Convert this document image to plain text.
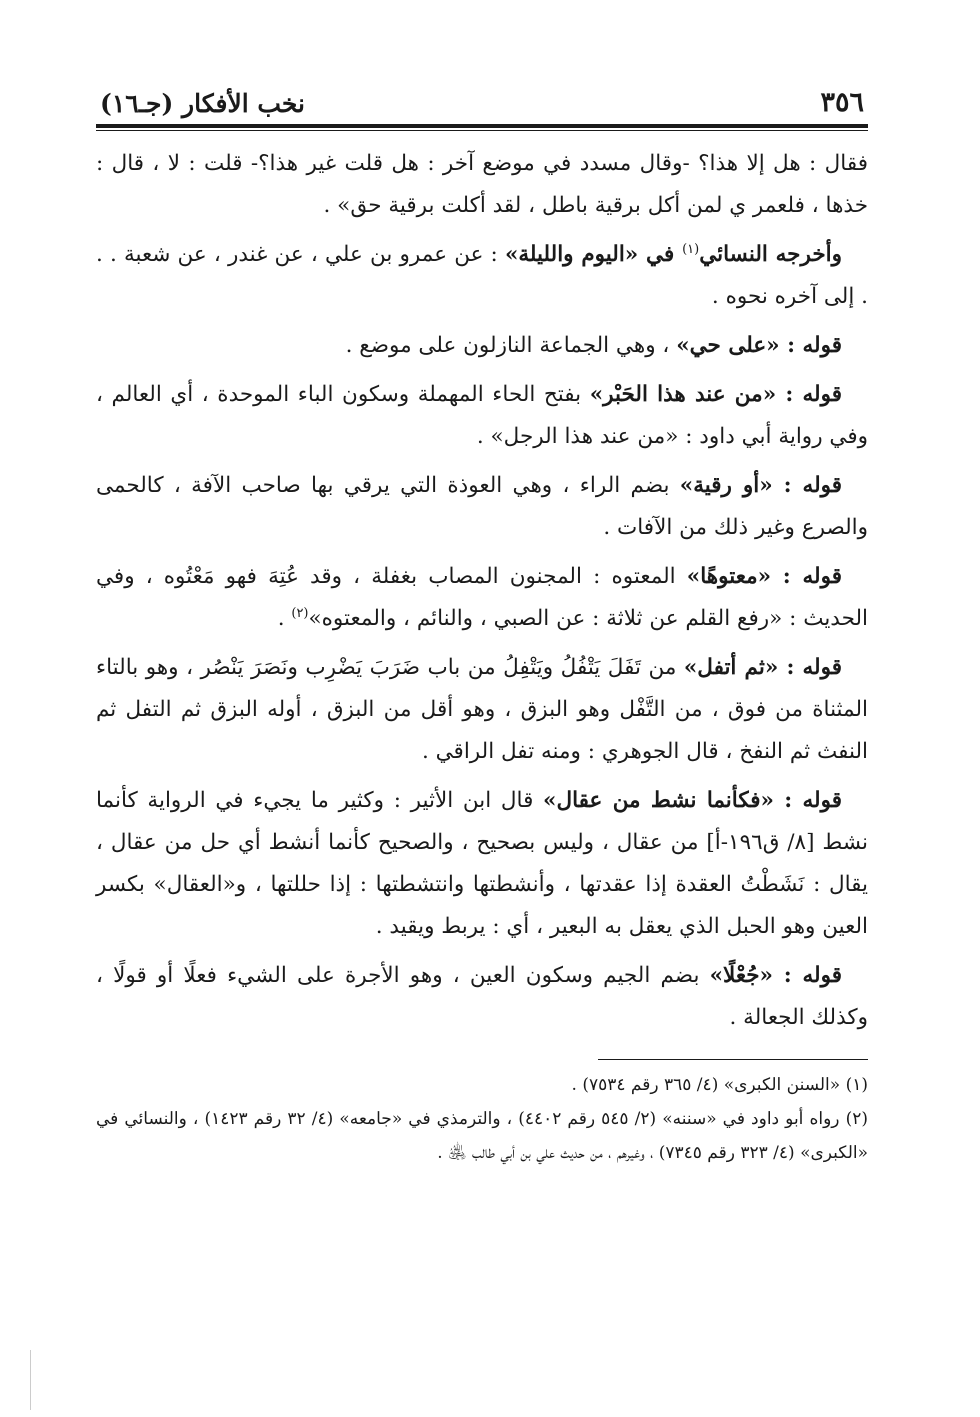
٣٥٦
نخب الأفكار (جـ١٦)

فقال : هل إلا هذا؟ -وقال مسدد في موضع آخر : هل قلت غير هذا؟- قلت : لا ، قال : خذها ، فلعمر ي لمن أكل برقية باطل ، لقد أكلت برقية حق» .

وأخرجه النسائي$^{(١)}$ في «اليوم والليلة» : عن عمرو بن علي ، عن غندر ، عن شعبة . . . إلى آخره نحوه .

قوله : «على حي» ، وهي الجماعة النازلون على موضع .

قوله : «من عند هذا الحَبْر» بفتح الحاء المهملة وسكون الباء الموحدة ، أي العالم ، وفي رواية أبي داود : «من عند هذا الرجل» .

قوله : «أو رقية» بضم الراء ، وهي العوذة التي يرقي بها صاحب الآفة ، كالحمى والصرع وغير ذلك من الآفات .

قوله : «معتوهًا» المعتوه : المجنون المصاب بغفلة ، وقد عُتِهَ فهو مَعْتُوه ، وفي الحديث : «رفع القلم عن ثلاثة : عن الصبي ، والنائم ، والمعتوه»$^{(٢)}$ .

قوله : «ثم أتفل» من تَفَلَ يَتْفُلُ ويَتْفِلُ من باب ضَرَبَ يَضْرِب ونَصَرَ يَنْصُر ، وهو بالتاء المثناة من فوق ، من التَّفْل وهو البزق ، وهو أقل من البزق ، أوله البزق ثم التفل ثم النفث ثم النفخ ، قال الجوهري : ومنه تفل الراقي .

قوله : «فكأنما نشط من عقال» قال ابن الأثير : وكثير ما يجيء في الرواية كأنما نشط [٨/ ق١٩٦-أ] من عقال ، وليس بصحيح ، والصحيح كأنما أنشط أي حل من عقال ، يقال : نَشَطْتُ العقدة إذا عقدتها ، وأنشطتها وانتشطتها : إذا حللتها ، و«العقال» بكسر العين وهو الحبل الذي يعقل به البعير ، أي : يربط ويقيد .

قوله : «جُعْلًا» بضم الجيم وسكون العين ، وهو الأجرة على الشيء فعلًا أو قولًا ، وكذلك الجعالة .

(١) «السنن الكبرى» (٤/ ٣٦٥ رقم ٧٥٣٤) .

(٢) رواه أبو داود في «سننه» (٢/ ٥٤٥ رقم ٤٤٠٢) ، والترمذي في «جامعه» (٤/ ٣٢ رقم ١٤٢٣) ، والنسائي في «الكبرى» (٤/ ٣٢٣ رقم ٧٣٤٥) ، وغيرهم ، من حديث علي بن أبي طالب ﵁ .
